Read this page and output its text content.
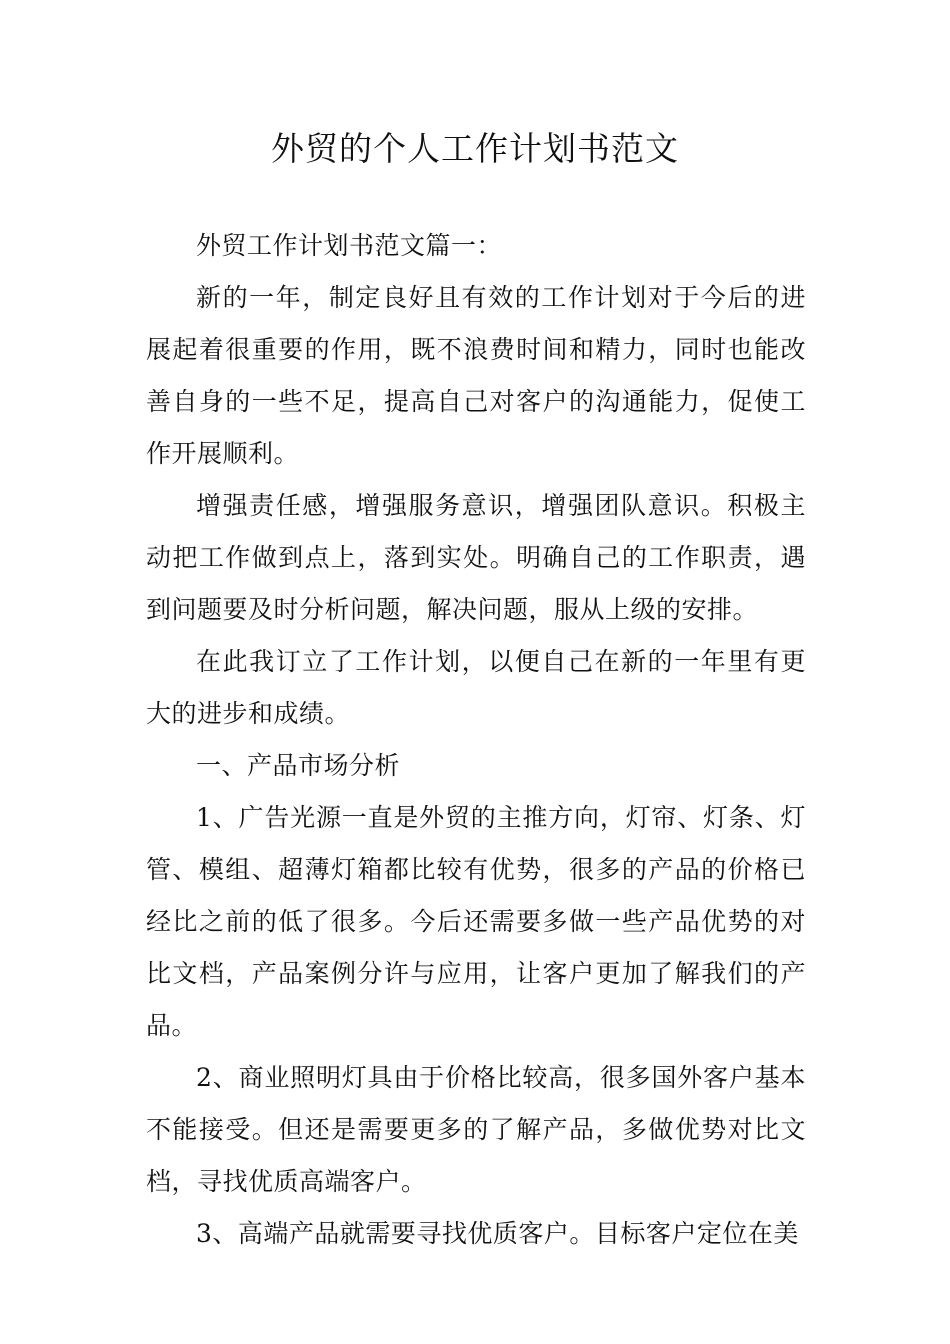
外贸的个人工作计划书范文

外贸工作计划书范文篇一：

新的一年，制定良好且有效的工作计划对于今后的进展起着很重要的作用，既不浪费时间和精力，同时也能改善自身的一些不足，提高自己对客户的沟通能力，促使工作开展顺利。

增强责任感，增强服务意识，增强团队意识。积极主动把工作做到点上，落到实处。明确自己的工作职责，遇到问题要及时分析问题，解决问题，服从上级的安排。

在此我订立了工作计划，以便自己在新的一年里有更大的进步和成绩。

一、产品市场分析

1、广告光源一直是外贸的主推方向，灯帘、灯条、灯管、模组、超薄灯箱都比较有优势，很多的产品的价格已经比之前的低了很多。今后还需要多做一些产品优势的对比文档，产品案例分许与应用，让客户更加了解我们的产品。

2、商业照明灯具由于价格比较高，很多国外客户基本不能接受。但还是需要更多的了解产品，多做优势对比文档，寻找优质高端客户。

3、高端产品就需要寻找优质客户。目标客户定位在美
